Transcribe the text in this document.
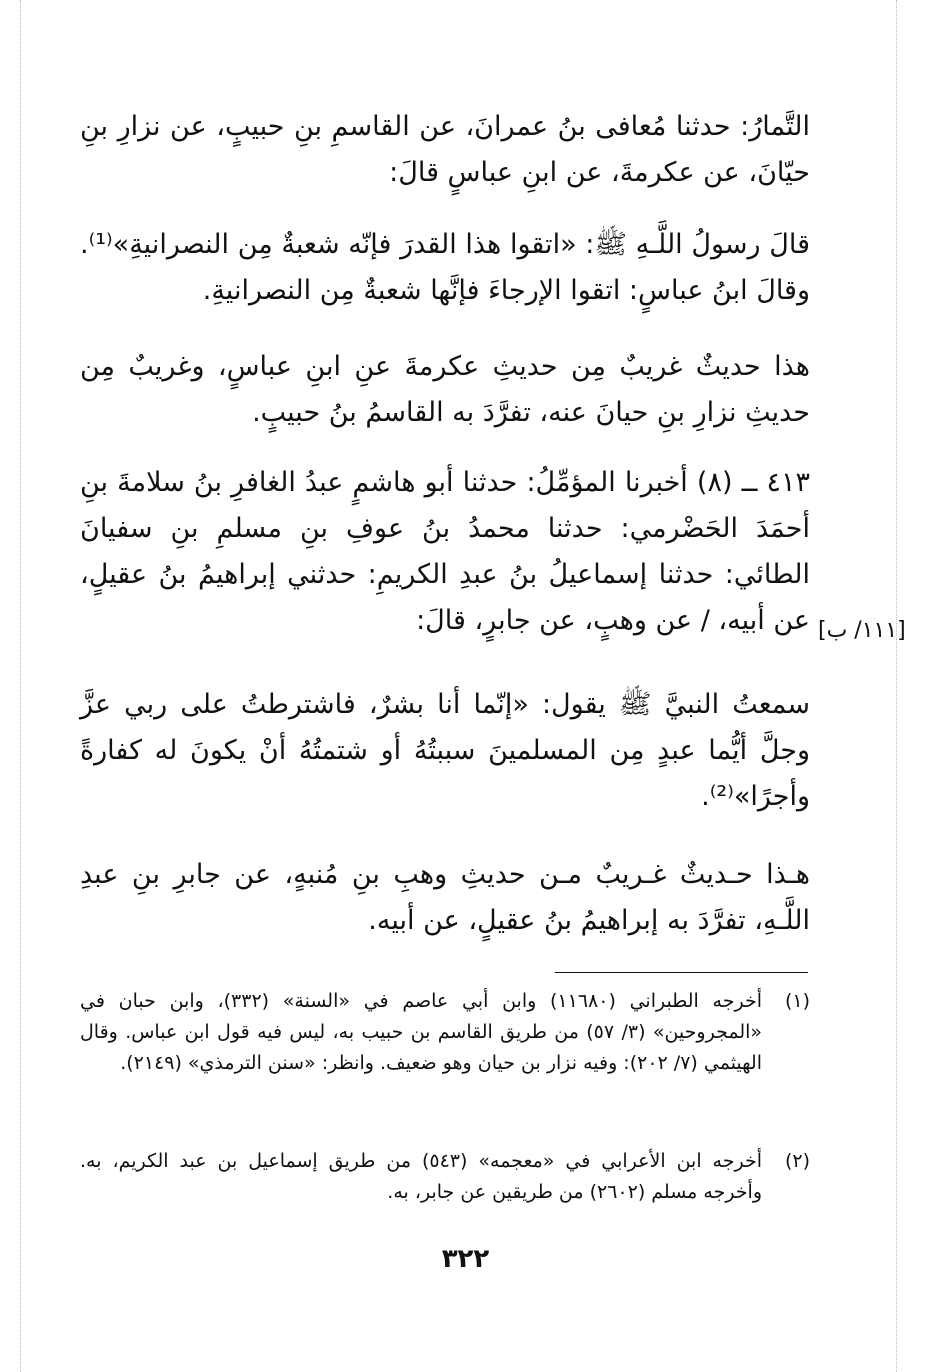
التَّمارُ: حدثنا مُعافى بنُ عمرانَ، عن القاسمِ بنِ حبيبٍ، عن نزارِ بنِ حيّانَ، عن عكرمةَ، عن ابنِ عباسٍ قالَ:

قالَ رسولُ اللَّـهِ ﷺ: «اتقوا هذا القدرَ فإنّه شعبةٌ مِن النصرانيةِ»⁽¹⁾. وقالَ ابنُ عباسٍ: اتقوا الإرجاءَ فإنَّها شعبةٌ مِن النصرانيةِ.

هذا حديثٌ غريبٌ مِن حديثِ عكرمةَ عنِ ابنِ عباسٍ، وغريبٌ مِن حديثِ نزارِ بنِ حيانَ عنه، تفرَّدَ به القاسمُ بنُ حبيبٍ.

٤١٣ ــ (٨) أخبرنا المؤمِّلُ: حدثنا أبو هاشمٍ عبدُ الغافرِ بنُ سلامةَ بنِ أحمَدَ الحَضْرمي: حدثنا محمدُ بنُ عوفِ بنِ مسلمِ بنِ سفيانَ الطائي: حدثنا إسماعيلُ بنُ عبدِ الكريمِ: حدثني إبراهيمُ بنُ عقيلٍ، عن أبيه، / عن وهبٍ، عن جابرٍ، قالَ: [١١١/ ب]

سمعتُ النبيَّ ﷺ يقول: «إنّما أنا بشرٌ، فاشترطتُ على ربي عزَّ وجلَّ أيُّما عبدٍ مِن المسلمينَ سببتُهُ أو شتمتُهُ أنْ يكونَ له كفارةً وأجرًا»⁽²⁾.

هـذا حـديثٌ غـريبٌ مـن حديثِ وهبِ بنِ مُنبهٍ، عن جابرِ بنِ عبدِ اللَّـهِ، تفرَّدَ به إبراهيمُ بنُ عقيلٍ، عن أبيه.

(١)
أخرجه الطبراني (١١٦٨٠) وابن أبي عاصم في «السنة» (٣٣٢)، وابن حبان في «المجروحين» (٣/ ٥٧) من طريق القاسم بن حبيب به، ليس فيه قول ابن عباس. وقال الهيثمي (٧/ ٢٠٢): وفيه نزار بن حيان وهو ضعيف. وانظر: «سنن الترمذي» (٢١٤٩).
(٢)
أخرجه ابن الأعرابي في «معجمه» (٥٤٣) من طريق إسماعيل بن عبد الكريم، به. وأخرجه مسلم (٢٦٠٢) من طريقين عن جابر، به.
٣٢٢
